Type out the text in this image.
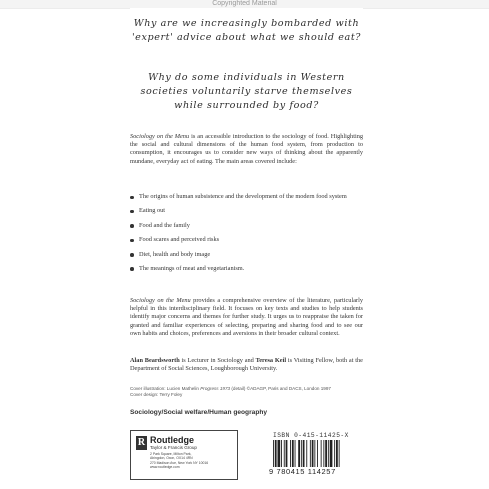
Copyrighted Material
Why are we increasingly bombarded with 'expert' advice about what we should eat?
Why do some individuals in Western societies voluntarily starve themselves while surrounded by food?
Sociology on the Menu is an accessible introduction to the sociology of food. Highlighting the social and cultural dimensions of the human food system, from production to consumption, it encourages us to consider new ways of thinking about the apparently mundane, everyday act of eating. The main areas covered include:
The origins of human subsistence and the development of the modern food system
Eating out
Food and the family
Food scares and perceived risks
Diet, health and body image
The meanings of meat and vegetarianism.
Sociology on the Menu provides a comprehensive overview of the literature, particularly helpful in this interdisciplinary field. It focuses on key texts and studies to help students identify major concerns and themes for further study. It urges us to reappraise the taken for granted and familiar experiences of selecting, preparing and sharing food and to see our own habits and choices, preferences and aversions in their broader cultural context.
Alan Beardsworth is Lecturer in Sociology and Teresa Keil is Visiting Fellow, both at the Department of Social Sciences, Loughborough University.
Cover illustration: Lucien Mathelin Progress 1973 (detail) ©ADAGP, Paris and DACS, London 1997
Cover design: Terry Foley
Sociology/Social welfare/Human geography
R Routledge
Taylor & Francis Group
2 Park Square, Milton Park,
Abingdon, Oxon, OX14 4RN
270 Madison Ave, New York NY 10016
www.routledge.com
ISBN 0-415-11425-X
9 780415 114257
